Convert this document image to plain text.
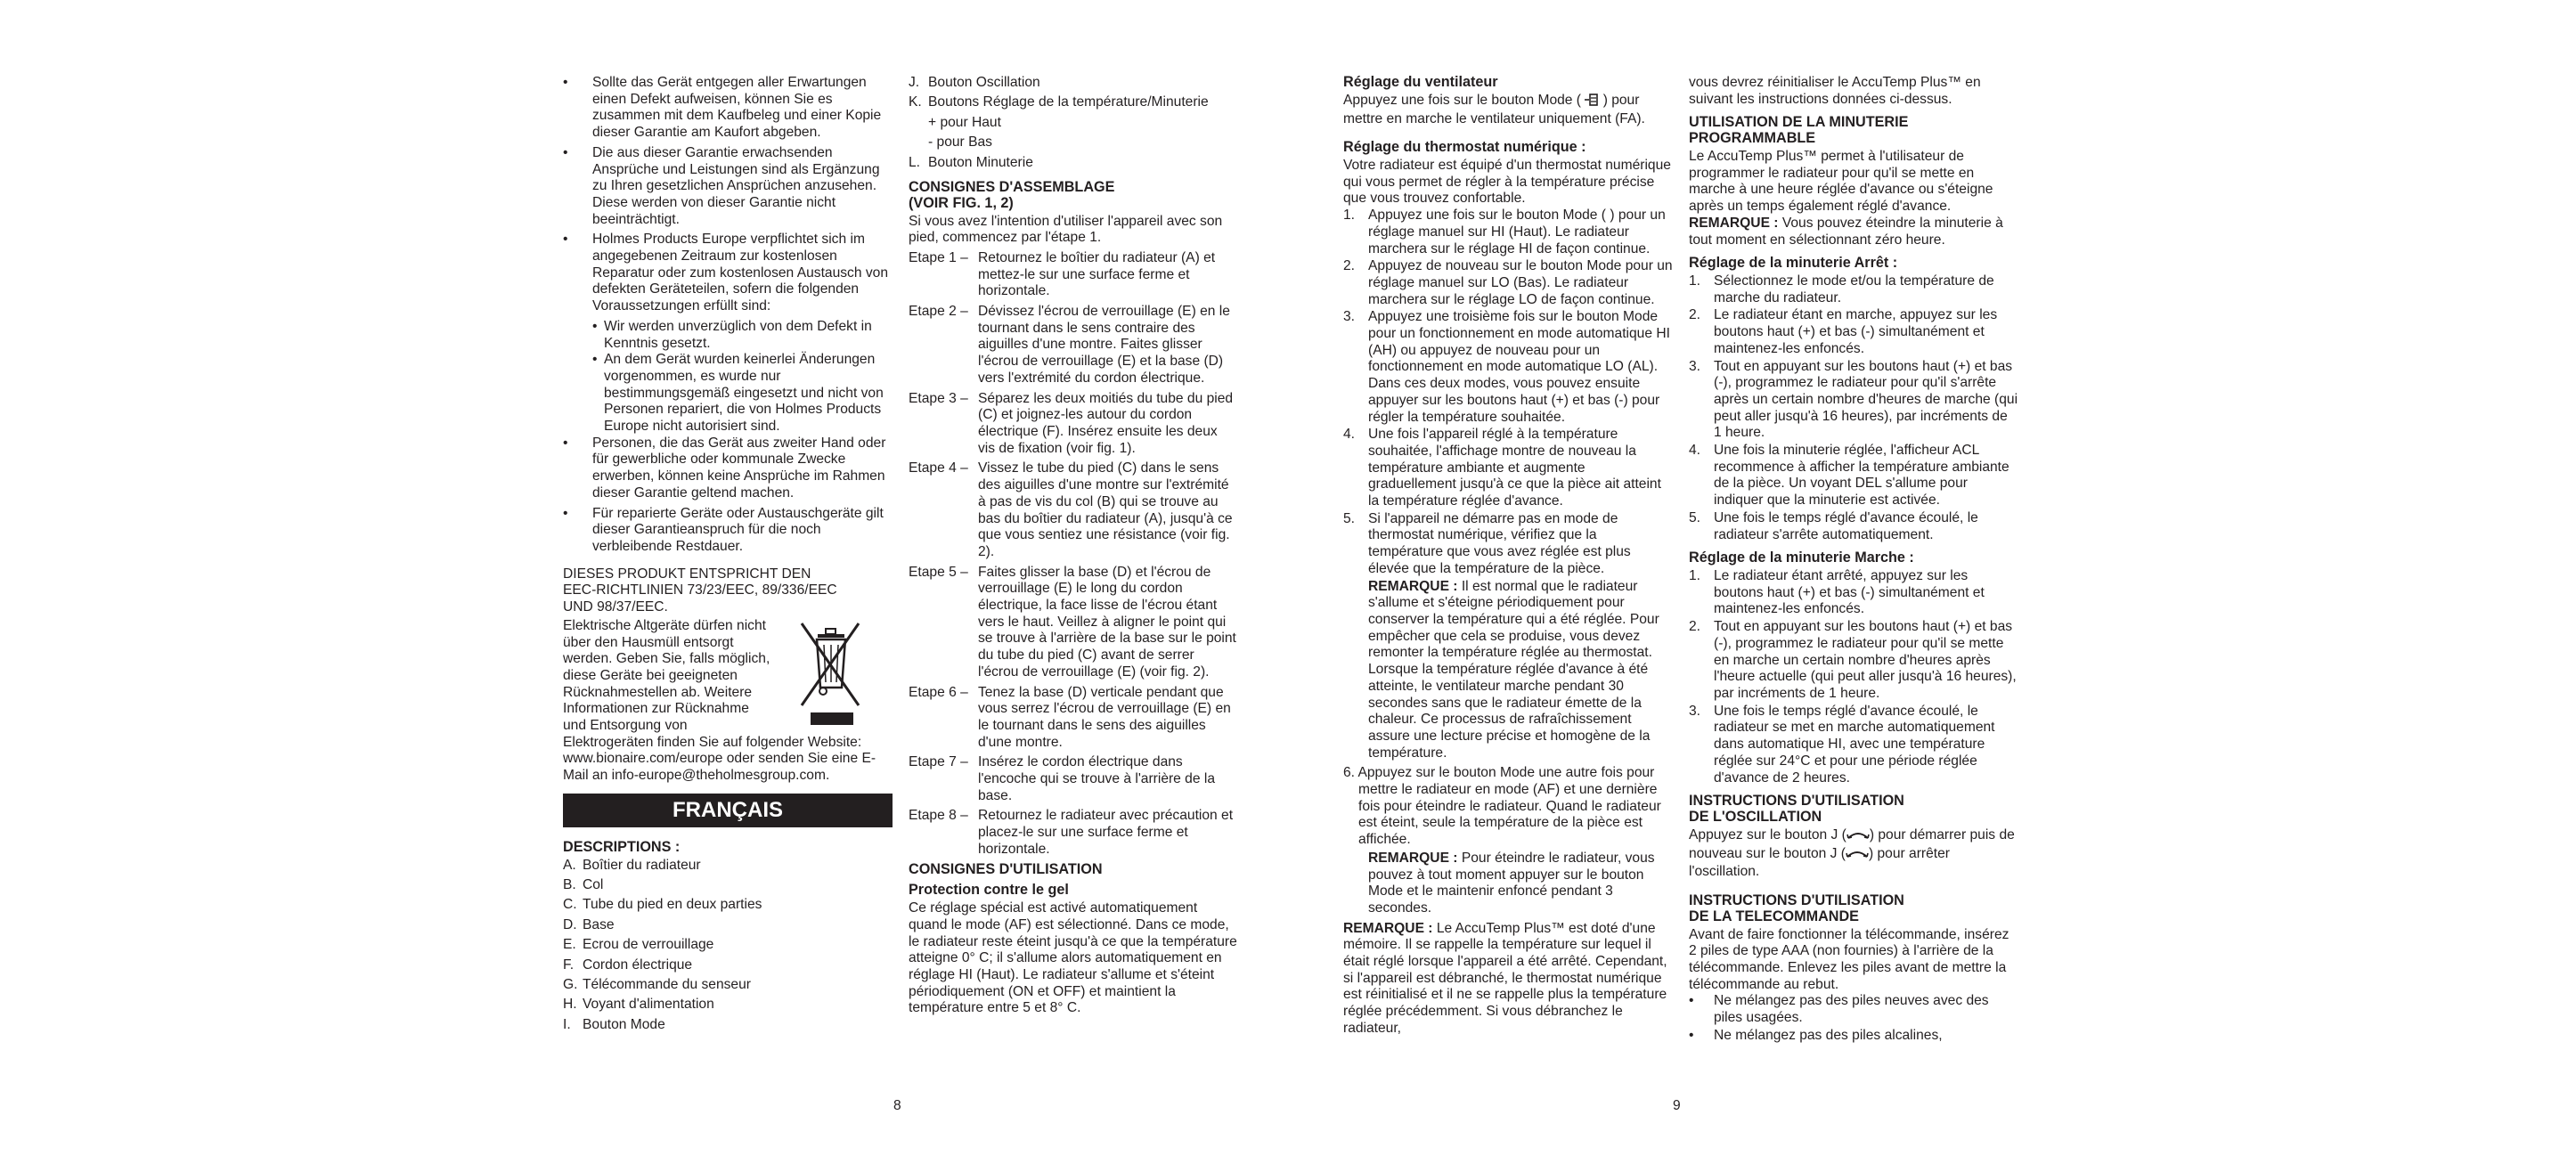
•	Sollte das Gerät entgegen aller Erwartungen einen Defekt aufweisen, können Sie es zusammen mit dem Kaufbeleg und einer Kopie dieser Garantie am Kaufort abgeben.
•	Die aus dieser Garantie erwachsenden Ansprüche und Leistungen sind als Ergänzung zu Ihren gesetzlichen Ansprüchen anzusehen. Diese werden von dieser Garantie nicht beeinträchtigt.
•	Holmes Products Europe verpflichtet sich im angegebenen Zeitraum zur kostenlosen Reparatur oder zum kostenlosen Austausch von defekten Geräteteilen, sofern die folgenden Voraussetzungen erfüllt sind:
• Wir werden unverzüglich von dem Defekt in Kenntnis gesetzt.
• An dem Gerät wurden keinerlei Änderungen vorgenommen, es wurde nur bestimmungsgemäß eingesetzt und nicht von Personen repariert, die von Holmes Products Europe nicht autorisiert sind.
•	Personen, die das Gerät aus zweiter Hand oder für gewerbliche oder kommunale Zwecke erwerben, können keine Ansprüche im Rahmen dieser Garantie geltend machen.
•	Für reparierte Geräte oder Austauschgeräte gilt dieser Garantieanspruch für die noch verbleibende Restdauer.

DIESES PRODUKT ENTSPRICHT DEN

EEC-RICHTLINIEN 73/23/EEC, 89/336/EEC

UND 98/37/EEC.

Elektrische Altgeräte dürfen nicht

über den Hausmüll entsorgt

werden. Geben Sie, falls möglich,

diese Geräte bei geeigneten

Rücknahmestellen ab. Weitere

Informationen zur Rücknahme

und Entsorgung von

Elektrogeräten finden Sie auf folgender Website: www.bionaire.com/europe oder senden Sie eine E-Mail an info-europe@theholmesgroup.com.

FRANÇAIS
DESCRIPTIONS :
A. Boîtier du radiateur
B. Col
C. Tube du pied en deux parties
D. Base
E. Ecrou de verrouillage
F. Cordon électrique
G. Télécommande du senseur
H. Voyant d'alimentation
I. Bouton Mode
J. Bouton Oscillation
K. Boutons Réglage de la température/Minuterie
+ pour Haut
- pour Bas
L. Bouton Minuterie
CONSIGNES D'ASSEMBLAGE
(VOIR FIG. 1, 2)

Si vous avez l'intention d'utiliser l'appareil avec son pied, commencez par l'étape 1.

Etape 1 – Retournez le boîtier du radiateur (A) et mettez-le sur une surface ferme et horizontale.
Etape 2 – Dévissez l'écrou de verrouillage (E) en le tournant dans le sens contraire des aiguilles d'une montre. Faites glisser l'écrou de verrouillage (E) et la base (D) vers l'extrémité du cordon électrique.
Etape 3 – Séparez les deux moitiés du tube du pied (C) et joignez-les autour du cordon électrique (F). Insérez ensuite les deux vis de fixation (voir fig. 1).
Etape 4 – Vissez le tube du pied (C) dans le sens des aiguilles d'une montre sur l'extrémité à pas de vis du col (B) qui se trouve au bas du boîtier du radiateur (A), jusqu'à ce que vous sentiez une résistance (voir fig. 2).
Etape 5 – Faites glisser la base (D) et l'écrou de verrouillage (E) le long du cordon électrique, la face lisse de l'écrou étant vers le haut. Veillez à aligner le point qui se trouve à l'arrière de la base sur le point du tube du pied (C) avant de serrer l'écrou de verrouillage (E) (voir fig. 2).
Etape 6 – Tenez la base (D) verticale pendant que vous serrez l'écrou de verrouillage (E) en le tournant dans le sens des aiguilles d'une montre.
Etape 7 – Insérez le cordon électrique dans l'encoche qui se trouve à l'arrière de la base.
Etape 8 – Retournez le radiateur avec précaution et placez-le sur une surface ferme et horizontale.
CONSIGNES D'UTILISATION
Protection contre le gel

Ce réglage spécial est activé automatiquement quand le mode (AF) est sélectionné. Dans ce mode, le radiateur reste éteint jusqu'à ce que la température atteigne 0° C; il s'allume alors automatiquement en réglage HI (Haut). Le radiateur s'allume et s'éteint périodiquement (ON et OFF) et maintient la température entre 5 et 8° C.

Réglage du ventilateur

Appuyez une fois sur le bouton Mode ( ) pour mettre en marche le ventilateur uniquement (FA).

Réglage du thermostat numérique :

Votre radiateur est équipé d'un thermostat numérique qui vous permet de régler à la température précise que vous trouvez confortable.

1. Appuyez une fois sur le bouton Mode ( ) pour un réglage manuel sur HI (Haut). Le radiateur marchera sur le réglage HI de façon continue.
2. Appuyez de nouveau sur le bouton Mode pour un réglage manuel sur LO (Bas). Le radiateur marchera sur le réglage LO de façon continue.
3. Appuyez une troisième fois sur le bouton Mode pour un fonctionnement en mode automatique HI (AH) ou appuyez de nouveau pour un fonctionnement en mode automatique LO (AL). Dans ces deux modes, vous pouvez ensuite appuyer sur les boutons haut (+) et bas (-) pour régler la température souhaitée.
4. Une fois l'appareil réglé à la température souhaitée, l'affichage montre de nouveau la température ambiante et augmente graduellement jusqu'à ce que la pièce ait atteint la température réglée d'avance.
5. Si l'appareil ne démarre pas en mode de thermostat numérique, vérifiez que la température que vous avez réglée est plus élevée que la température de la pièce.

REMARQUE : Il est normal que le radiateur s'allume et s'éteigne périodiquement pour conserver la température qui a été réglée. Pour empêcher que cela se produise, vous devez remonter la température réglée au thermostat. Lorsque la température réglée d'avance à été atteinte, le ventilateur marche pendant 30 secondes sans que le radiateur émette de la chaleur. Ce processus de rafraîchissement assure une lecture précise et homogène de la température.

6. Appuyez sur le bouton Mode une autre fois pour mettre le radiateur en mode (AF) et une dernière fois pour éteindre le radiateur. Quand le radiateur est éteint, seule la température de la pièce est affichée.

REMARQUE : Pour éteindre le radiateur, vous pouvez à tout moment appuyer sur le bouton Mode et le maintenir enfoncé pendant 3 secondes.

REMARQUE : Le AccuTemp Plus™ est doté d'une mémoire. Il se rappelle la température sur lequel il était réglé lorsque l'appareil a été arrêté. Cependant, si l'appareil est débranché, le thermostat numérique est réinitialisé et il ne se rappelle plus la température réglée précédemment. Si vous débranchez le radiateur,

vous devrez réinitialiser le AccuTemp Plus™ en suivant les instructions données ci-dessus.

UTILISATION DE LA MINUTERIE
PROGRAMMABLE

Le AccuTemp Plus™ permet à l'utilisateur de programmer le radiateur pour qu'il se mette en marche à une heure réglée d'avance ou s'éteigne après un temps également réglé d'avance.

REMARQUE : Vous pouvez éteindre la minuterie à tout moment en sélectionnant zéro heure.

Réglage de la minuterie Arrêt :
1. Sélectionnez le mode et/ou la température de marche du radiateur.
2. Le radiateur étant en marche, appuyez sur les boutons haut (+) et bas (-) simultanément et maintenez-les enfoncés.
3. Tout en appuyant sur les boutons haut (+) et bas (-), programmez le radiateur pour qu'il s'arrête après un certain nombre d'heures de marche (qui peut aller jusqu'à 16 heures), par incréments de 1 heure.
4. Une fois la minuterie réglée, l'afficheur ACL recommence à afficher la température ambiante de la pièce. Un voyant DEL s'allume pour indiquer que la minuterie est activée.
5. Une fois le temps réglé d'avance écoulé, le radiateur s'arrête automatiquement.
Réglage de la minuterie Marche :
1. Le radiateur étant arrêté, appuyez sur les boutons haut (+) et bas (-) simultanément et maintenez-les enfoncés.
2. Tout en appuyant sur les boutons haut (+) et bas (-), programmez le radiateur pour qu'il se mette en marche un certain nombre d'heures après l'heure actuelle (qui peut aller jusqu'à 16 heures), par incréments de 1 heure.
3. Une fois le temps réglé d'avance écoulé, le radiateur se met en marche automatiquement dans automatique HI, avec une température réglée sur 24°C et pour une période réglée d'avance de 2 heures.
INSTRUCTIONS D'UTILISATION
DE L'OSCILLATION

Appuyez sur le bouton J ( ) pour démarrer puis de nouveau sur le bouton J ( ) pour arrêter l'oscillation.

INSTRUCTIONS D'UTILISATION
DE LA TELECOMMANDE

Avant de faire fonctionner la télécommande, insérez 2 piles de type AAA (non fournies) à l'arrière de la télécommande. Enlevez les piles avant de mettre la télécommande au rebut.

•	Ne mélangez pas des piles neuves avec des piles usagées.
•	Ne mélangez pas des piles alcalines,
8	9
